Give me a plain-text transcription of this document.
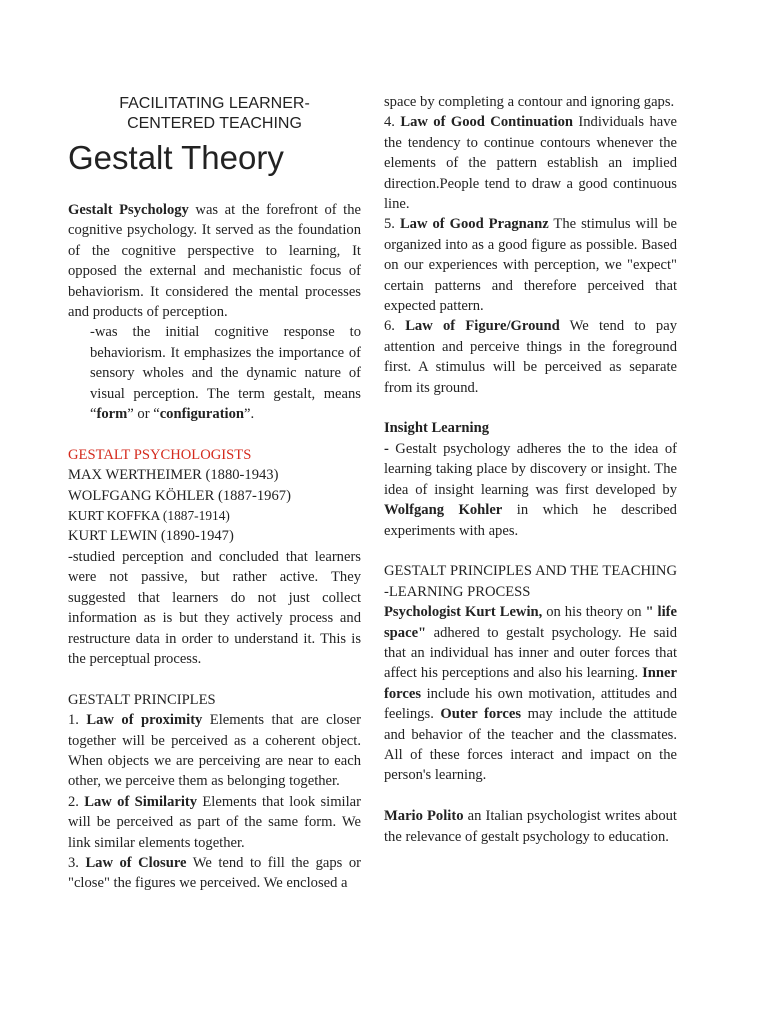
FACILITATING LEARNER-
CENTERED TEACHING
Gestalt Theory

Gestalt Psychology was at the forefront of the cognitive psychology. It served as the foundation of the cognitive perspective to learning, It opposed the external and mechanistic focus of behaviorism. It considered the mental processes and products of perception.

-was the initial cognitive response to behaviorism. It emphasizes the importance of sensory wholes and the dynamic nature of visual perception. The term gestalt, means “form” or “configuration”.

GESTALT PSYCHOLOGISTS

MAX WERTHEIMER (1880-1943)

WOLFGANG KÖHLER (1887-1967)

KURT KOFFKA (1887-1914)

KURT LEWIN (1890-1947)

-studied perception and concluded that learners were not passive, but rather active. They suggested that learners do not just collect information as is but they actively process and restructure data in order to understand it. This is the perceptual process.

GESTALT PRINCIPLES

1. Law of proximity Elements that are closer together will be perceived as a coherent object. When objects we are perceiving are near to each other, we perceive them as belonging together.

2. Law of Similarity Elements that look similar will be perceived as part of the same form. We link similar elements together.

3. Law of Closure We tend to fill the gaps or "close" the figures we perceived. We enclosed a

space by completing a contour and ignoring gaps.

4. Law of Good Continuation Individuals have the tendency to continue contours whenever the elements of the pattern establish an implied direction.People tend to draw a good continuous line.

5. Law of Good Pragnanz The stimulus will be organized into as a good figure as possible. Based on our experiences with perception, we "expect" certain patterns and therefore perceived that expected pattern.

6. Law of Figure/Ground We tend to pay attention and perceive things in the foreground first. A stimulus will be perceived as separate from its ground.

Insight Learning

- Gestalt psychology adheres the to the idea of learning taking place by discovery or insight. The idea of insight learning was first developed by Wolfgang Kohler in which he described experiments with apes.

GESTALT PRINCIPLES AND THE TEACHING -LEARNING PROCESS

Psychologist Kurt Lewin, on his theory on " life space" adhered to gestalt psychology. He said that an individual has inner and outer forces that affect his perceptions and also his learning. Inner forces include his own motivation, attitudes and feelings. Outer forces may include the attitude and behavior of the teacher and the classmates. All of these forces interact and impact on the person's learning.

Mario Polito an Italian psychologist writes about the relevance of gestalt psychology to education.
